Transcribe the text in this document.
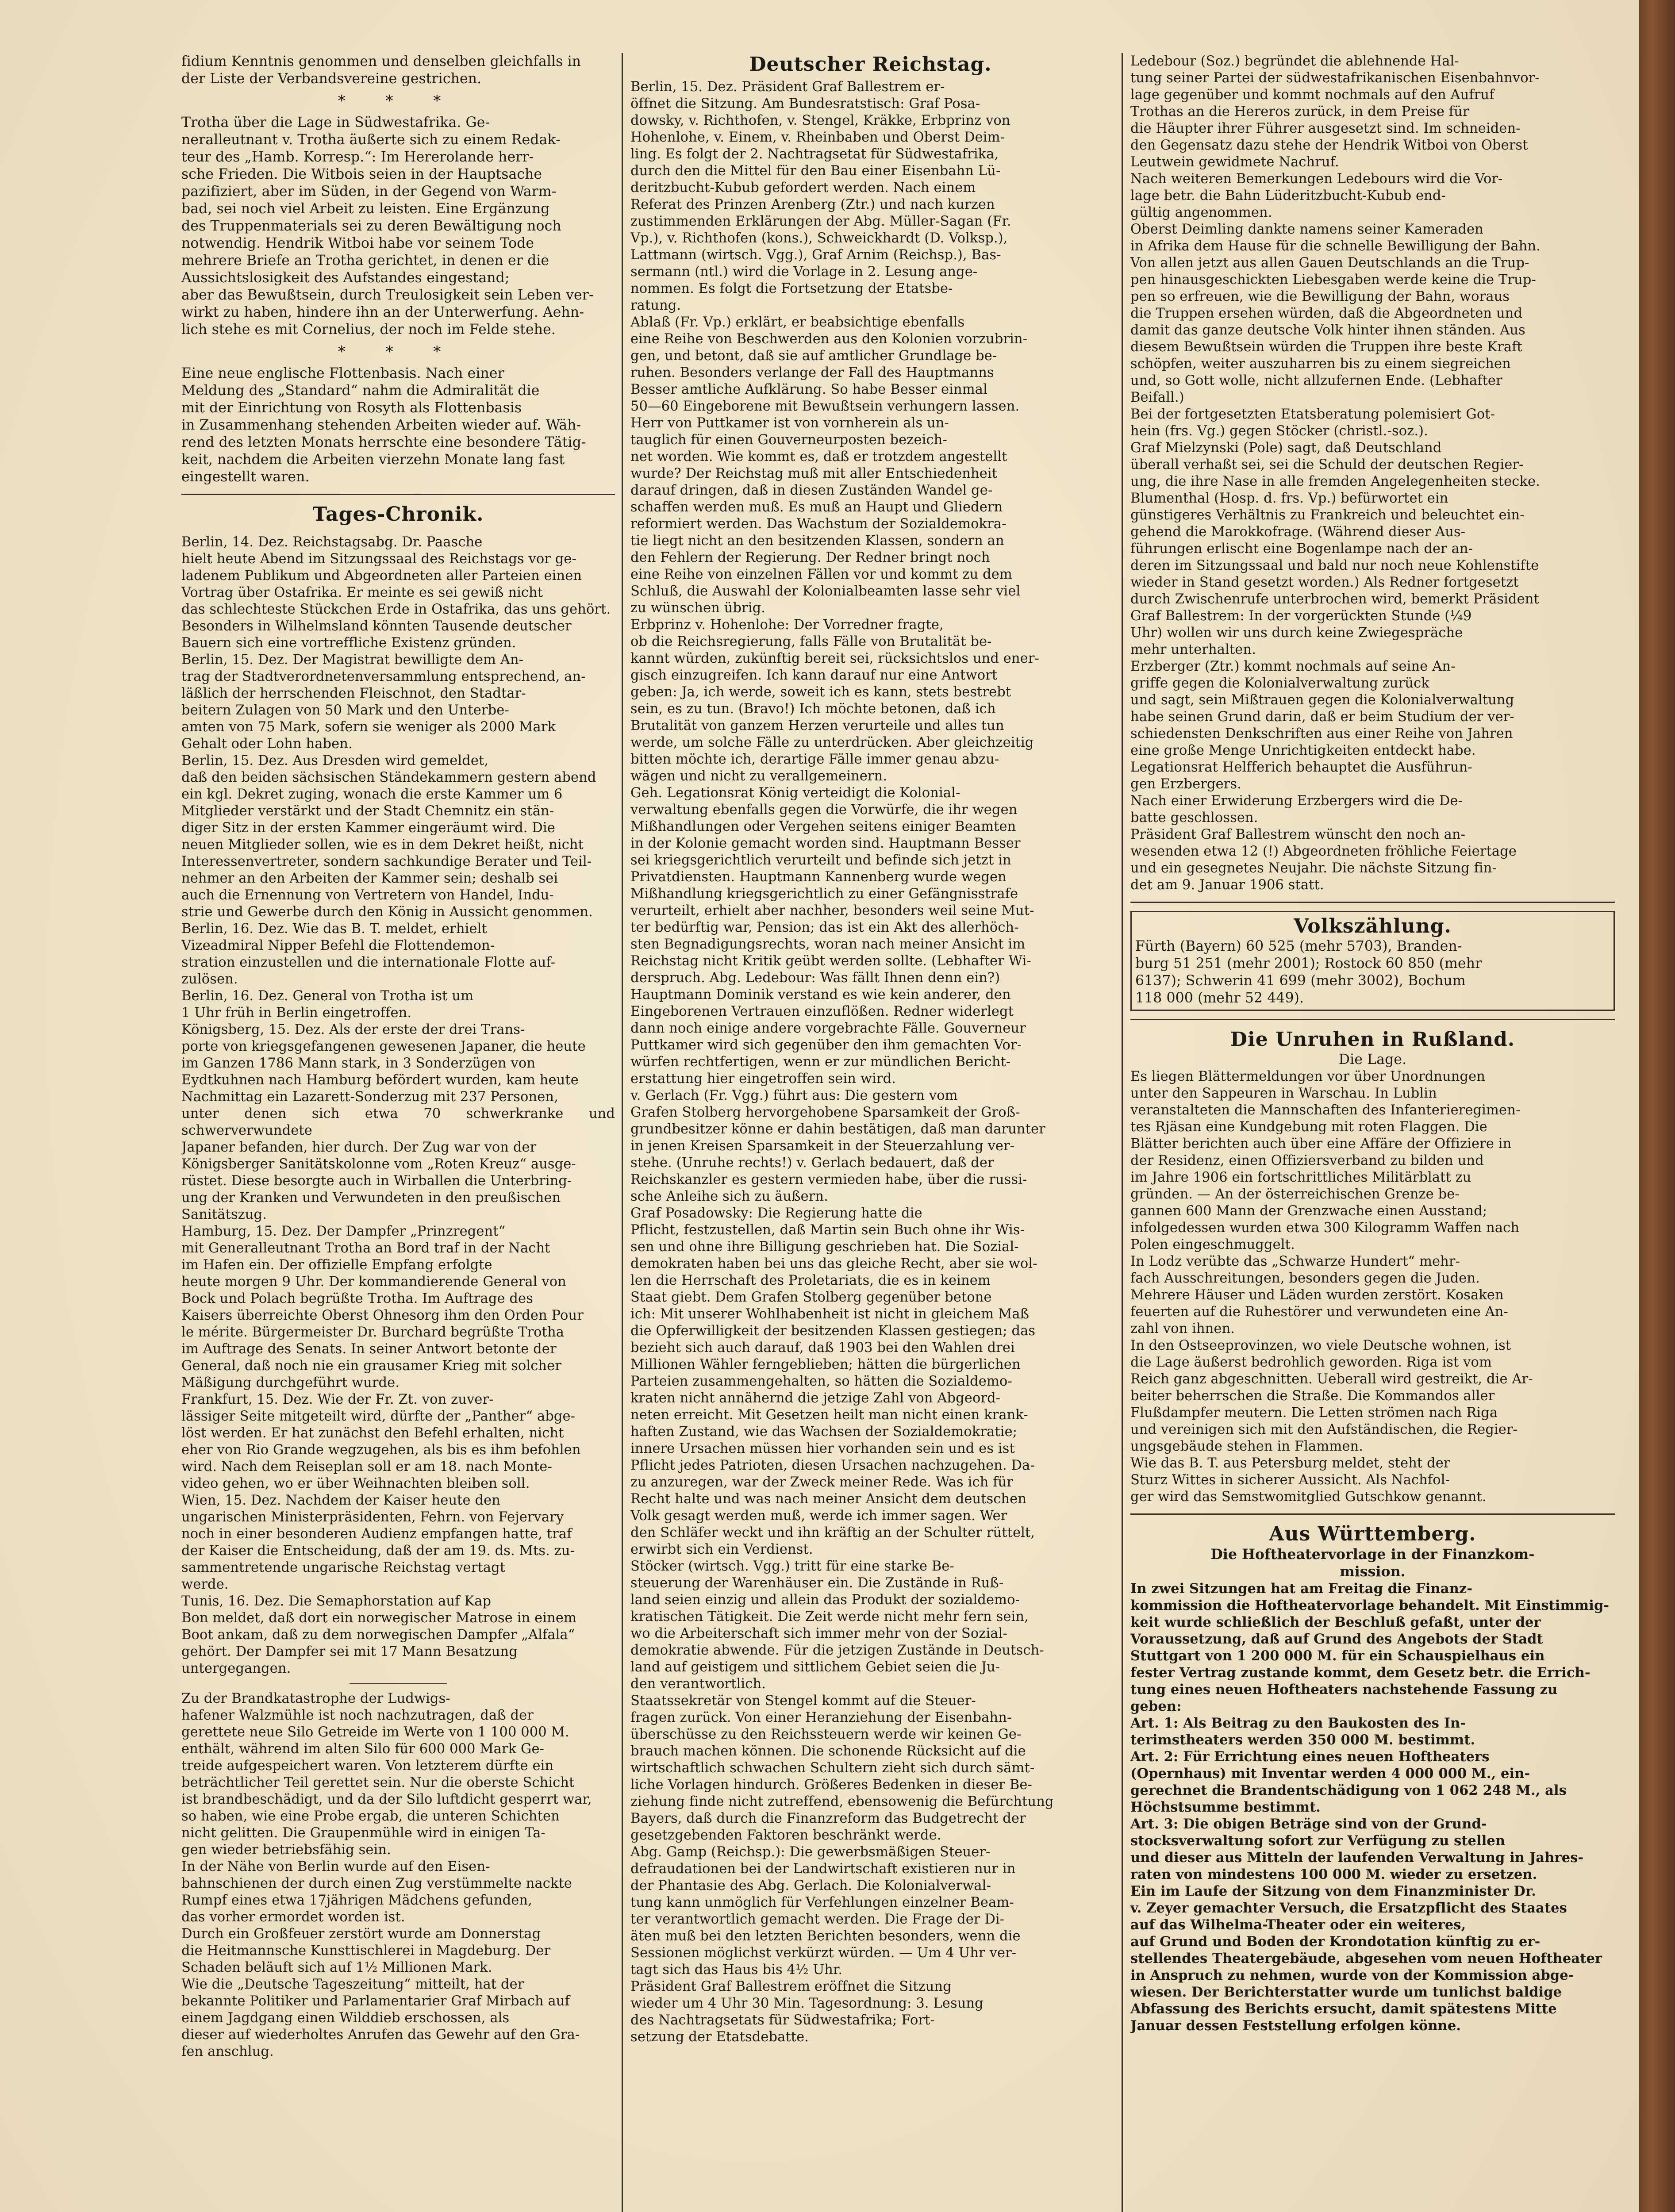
fidium Kenntnis genommen und denselben gleichfalls in
der Liste der Verbandsvereine gestrichen.

* * *

Trotha über die Lage in Südwestafrika. Ge-
neralleutnant v. Trotha äußerte sich zu einem Redak-
teur des „Hamb. Korresp.“: Im Hererolande herr-
sche Frieden. Die Witbois seien in der Hauptsache
pazifiziert, aber im Süden, in der Gegend von Warm-
bad, sei noch viel Arbeit zu leisten. Eine Ergänzung
des Truppenmaterials sei zu deren Bewältigung noch
notwendig. Hendrik Witboi habe vor seinem Tode
mehrere Briefe an Trotha gerichtet, in denen er die
Aussichtslosigkeit des Aufstandes eingestand;
aber das Bewußtsein, durch Treulosigkeit sein Leben ver-
wirkt zu haben, hindere ihn an der Unterwerfung. Aehn-
lich stehe es mit Cornelius, der noch im Felde stehe.

* * *

Eine neue englische Flottenbasis. Nach einer
Meldung des „Standard“ nahm die Admiralität die
mit der Einrichtung von Rosyth als Flottenbasis
in Zusammenhang stehenden Arbeiten wieder auf. Wäh-
rend des letzten Monats herrschte eine besondere Tätig-
keit, nachdem die Arbeiten vierzehn Monate lang fast
eingestellt waren.

Tages-Chronik.

Berlin, 14. Dez. Reichstagsabg. Dr. Paasche
hielt heute Abend im Sitzungssaal des Reichstags vor ge-
ladenem Publikum und Abgeordneten aller Parteien einen
Vortrag über Ostafrika. Er meinte es sei gewiß nicht
das schlechteste Stückchen Erde in Ostafrika, das uns gehört.
Besonders in Wilhelmsland könnten Tausende deutscher
Bauern sich eine vortreffliche Existenz gründen.
Berlin, 15. Dez. Der Magistrat bewilligte dem An-
trag der Stadtverordnetenversammlung entsprechend, an-
läßlich der herrschenden Fleischnot, den Stadtar-
beitern Zulagen von 50 Mark und den Unterbe-
amten von 75 Mark, sofern sie weniger als 2000 Mark
Gehalt oder Lohn haben.
Berlin, 15. Dez. Aus Dresden wird gemeldet,
daß den beiden sächsischen Ständekammern gestern abend
ein kgl. Dekret zuging, wonach die erste Kammer um 6
Mitglieder verstärkt und der Stadt Chemnitz ein stän-
diger Sitz in der ersten Kammer eingeräumt wird. Die
neuen Mitglieder sollen, wie es in dem Dekret heißt, nicht
Interessenvertreter, sondern sachkundige Berater und Teil-
nehmer an den Arbeiten der Kammer sein; deshalb sei
auch die Ernennung von Vertretern von Handel, Indu-
strie und Gewerbe durch den König in Aussicht genommen.
Berlin, 16. Dez. Wie das B. T. meldet, erhielt
Vizeadmiral Nipper Befehl die Flottendemon-
stration einzustellen und die internationale Flotte auf-
zulösen.
Berlin, 16. Dez. General von Trotha ist um
1 Uhr früh in Berlin eingetroffen.
Königsberg, 15. Dez. Als der erste der drei Trans-
porte von kriegsgefangenen gewesenen Japaner, die heute
im Ganzen 1786 Mann stark, in 3 Sonderzügen von
Eydtkuhnen nach Hamburg befördert wurden, kam heute
Nachmittag ein Lazarett-Sonderzug mit 237 Personen,
unter denen sich etwa 70 schwerkranke und schwerverwundete
Japaner befanden, hier durch. Der Zug war von der
Königsberger Sanitätskolonne vom „Roten Kreuz“ ausge-
rüstet. Diese besorgte auch in Wirballen die Unterbring-
ung der Kranken und Verwundeten in den preußischen
Sanitätszug.
Hamburg, 15. Dez. Der Dampfer „Prinzregent“
mit Generalleutnant Trotha an Bord traf in der Nacht
im Hafen ein. Der offizielle Empfang erfolgte
heute morgen 9 Uhr. Der kommandierende General von
Bock und Polach begrüßte Trotha. Im Auftrage des
Kaisers überreichte Oberst Ohnesorg ihm den Orden Pour
le mérite. Bürgermeister Dr. Burchard begrüßte Trotha
im Auftrage des Senats. In seiner Antwort betonte der
General, daß noch nie ein grausamer Krieg mit solcher
Mäßigung durchgeführt wurde.
Frankfurt, 15. Dez. Wie der Fr. Zt. von zuver-
lässiger Seite mitgeteilt wird, dürfte der „Panther“ abge-
löst werden. Er hat zunächst den Befehl erhalten, nicht
eher von Rio Grande wegzugehen, als bis es ihm befohlen
wird. Nach dem Reiseplan soll er am 18. nach Monte-
video gehen, wo er über Weihnachten bleiben soll.
Wien, 15. Dez. Nachdem der Kaiser heute den
ungarischen Ministerpräsidenten, Fehrn. von Fejervary
noch in einer besonderen Audienz empfangen hatte, traf
der Kaiser die Entscheidung, daß der am 19. ds. Mts. zu-
sammentretende ungarische Reichstag vertagt
werde.
Tunis, 16. Dez. Die Semaphorstation auf Kap
Bon meldet, daß dort ein norwegischer Matrose in einem
Boot ankam, daß zu dem norwegischen Dampfer „Alfala“
gehört. Der Dampfer sei mit 17 Mann Besatzung
untergegangen.

Zu der Brandkatastrophe der Ludwigs-
hafener Walzmühle ist noch nachzutragen, daß der
gerettete neue Silo Getreide im Werte von 1 100 000 M.
enthält, während im alten Silo für 600 000 Mark Ge-
treide aufgespeichert waren. Von letzterem dürfte ein
beträchtlicher Teil gerettet sein. Nur die oberste Schicht
ist brandbeschädigt, und da der Silo luftdicht gesperrt war,
so haben, wie eine Probe ergab, die unteren Schichten
nicht gelitten. Die Graupenmühle wird in einigen Ta-
gen wieder betriebsfähig sein.
In der Nähe von Berlin wurde auf den Eisen-
bahnschienen der durch einen Zug verstümmelte nackte
Rumpf eines etwa 17jährigen Mädchens gefunden,
das vorher ermordet worden ist.
Durch ein Großfeuer zerstört wurde am Donnerstag
die Heitmannsche Kunsttischlerei in Magdeburg. Der
Schaden beläuft sich auf 1½ Millionen Mark.
Wie die „Deutsche Tageszeitung“ mitteilt, hat der
bekannte Politiker und Parlamentarier Graf Mirbach auf
einem Jagdgang einen Wilddieb erschossen, als
dieser auf wiederholtes Anrufen das Gewehr auf den Gra-
fen anschlug.

Deutscher Reichstag.

Berlin, 15. Dez. Präsident Graf Ballestrem er-
öffnet die Sitzung. Am Bundesratstisch: Graf Posa-
dowsky, v. Richthofen, v. Stengel, Kräkke, Erbprinz von
Hohenlohe, v. Einem, v. Rheinbaben und Oberst Deim-
ling. Es folgt der 2. Nachtragsetat für Südwestafrika,
durch den die Mittel für den Bau einer Eisenbahn Lü-
deritzbucht-Kubub gefordert werden. Nach einem
Referat des Prinzen Arenberg (Ztr.) und nach kurzen
zustimmenden Erklärungen der Abg. Müller-Sagan (Fr.
Vp.), v. Richthofen (kons.), Schweickhardt (D. Volksp.),
Lattmann (wirtsch. Vgg.), Graf Arnim (Reichsp.), Bas-
sermann (ntl.) wird die Vorlage in 2. Lesung ange-
nommen. Es folgt die Fortsetzung der Etatsbe-
ratung.
Ablaß (Fr. Vp.) erklärt, er beabsichtige ebenfalls
eine Reihe von Beschwerden aus den Kolonien vorzubrin-
gen, und betont, daß sie auf amtlicher Grundlage be-
ruhen. Besonders verlange der Fall des Hauptmanns
Besser amtliche Aufklärung. So habe Besser einmal
50—60 Eingeborene mit Bewußtsein verhungern lassen.
Herr von Puttkamer ist von vornherein als un-
tauglich für einen Gouverneurposten bezeich-
net worden. Wie kommt es, daß er trotzdem angestellt
wurde? Der Reichstag muß mit aller Entschiedenheit
darauf dringen, daß in diesen Zuständen Wandel ge-
schaffen werden muß. Es muß an Haupt und Gliedern
reformiert werden. Das Wachstum der Sozialdemokra-
tie liegt nicht an den besitzenden Klassen, sondern an
den Fehlern der Regierung. Der Redner bringt noch
eine Reihe von einzelnen Fällen vor und kommt zu dem
Schluß, die Auswahl der Kolonialbeamten lasse sehr viel
zu wünschen übrig.
Erbprinz v. Hohenlohe: Der Vorredner fragte,
ob die Reichsregierung, falls Fälle von Brutalität be-
kannt würden, zukünftig bereit sei, rücksichtslos und ener-
gisch einzugreifen. Ich kann darauf nur eine Antwort
geben: Ja, ich werde, soweit ich es kann, stets bestrebt
sein, es zu tun. (Bravo!) Ich möchte betonen, daß ich
Brutalität von ganzem Herzen verurteile und alles tun
werde, um solche Fälle zu unterdrücken. Aber gleichzeitig
bitten möchte ich, derartige Fälle immer genau abzu-
wägen und nicht zu verallgemeinern.
Geh. Legationsrat König verteidigt die Kolonial-
verwaltung ebenfalls gegen die Vorwürfe, die ihr wegen
Mißhandlungen oder Vergehen seitens einiger Beamten
in der Kolonie gemacht worden sind. Hauptmann Besser
sei kriegsgerichtlich verurteilt und befinde sich jetzt in
Privatdiensten. Hauptmann Kannenberg wurde wegen
Mißhandlung kriegsgerichtlich zu einer Gefängnisstrafe
verurteilt, erhielt aber nachher, besonders weil seine Mut-
ter bedürftig war, Pension; das ist ein Akt des allerhöch-
sten Begnadigungsrechts, woran nach meiner Ansicht im
Reichstag nicht Kritik geübt werden sollte. (Lebhafter Wi-
derspruch. Abg. Ledebour: Was fällt Ihnen denn ein?)
Hauptmann Dominik verstand es wie kein anderer, den
Eingeborenen Vertrauen einzuflößen. Redner widerlegt
dann noch einige andere vorgebrachte Fälle. Gouverneur
Puttkamer wird sich gegenüber den ihm gemachten Vor-
würfen rechtfertigen, wenn er zur mündlichen Bericht-
erstattung hier eingetroffen sein wird.
v. Gerlach (Fr. Vgg.) führt aus: Die gestern vom
Grafen Stolberg hervorgehobene Sparsamkeit der Groß-
grundbesitzer könne er dahin bestätigen, daß man darunter
in jenen Kreisen Sparsamkeit in der Steuerzahlung ver-
stehe. (Unruhe rechts!) v. Gerlach bedauert, daß der
Reichskanzler es gestern vermieden habe, über die russi-
sche Anleihe sich zu äußern.
Graf Posadowsky: Die Regierung hatte die
Pflicht, festzustellen, daß Martin sein Buch ohne ihr Wis-
sen und ohne ihre Billigung geschrieben hat. Die Sozial-
demokraten haben bei uns das gleiche Recht, aber sie wol-
len die Herrschaft des Proletariats, die es in keinem
Staat giebt. Dem Grafen Stolberg gegenüber betone
ich: Mit unserer Wohlhabenheit ist nicht in gleichem Maß
die Opferwilligkeit der besitzenden Klassen gestiegen; das
bezieht sich auch darauf, daß 1903 bei den Wahlen drei
Millionen Wähler ferngeblieben; hätten die bürgerlichen
Parteien zusammengehalten, so hätten die Sozialdemo-
kraten nicht annähernd die jetzige Zahl von Abgeord-
neten erreicht. Mit Gesetzen heilt man nicht einen krank-
haften Zustand, wie das Wachsen der Sozialdemokratie;
innere Ursachen müssen hier vorhanden sein und es ist
Pflicht jedes Patrioten, diesen Ursachen nachzugehen. Da-
zu anzuregen, war der Zweck meiner Rede. Was ich für
Recht halte und was nach meiner Ansicht dem deutschen
Volk gesagt werden muß, werde ich immer sagen. Wer
den Schläfer weckt und ihn kräftig an der Schulter rüttelt,
erwirbt sich ein Verdienst.
Stöcker (wirtsch. Vgg.) tritt für eine starke Be-
steuerung der Warenhäuser ein. Die Zustände in Ruß-
land seien einzig und allein das Produkt der sozialdemo-
kratischen Tätigkeit. Die Zeit werde nicht mehr fern sein,
wo die Arbeiterschaft sich immer mehr von der Sozial-
demokratie abwende. Für die jetzigen Zustände in Deutsch-
land auf geistigem und sittlichem Gebiet seien die Ju-
den verantwortlich.
Staatssekretär von Stengel kommt auf die Steuer-
fragen zurück. Von einer Heranziehung der Eisenbahn-
überschüsse zu den Reichssteuern werde wir keinen Ge-
brauch machen können. Die schonende Rücksicht auf die
wirtschaftlich schwachen Schultern zieht sich durch sämt-
liche Vorlagen hindurch. Größeres Bedenken in dieser Be-
ziehung finde nicht zutreffend, ebensowenig die Befürchtung
Bayers, daß durch die Finanzreform das Budgetrecht der
gesetzgebenden Faktoren beschränkt werde.
Abg. Gamp (Reichsp.): Die gewerbsmäßigen Steuer-
defraudationen bei der Landwirtschaft existieren nur in
der Phantasie des Abg. Gerlach. Die Kolonialverwal-
tung kann unmöglich für Verfehlungen einzelner Beam-
ter verantwortlich gemacht werden. Die Frage der Di-
äten muß bei den letzten Berichten besonders, wenn die
Sessionen möglichst verkürzt würden. — Um 4 Uhr ver-
tagt sich das Haus bis 4½ Uhr.
Präsident Graf Ballestrem eröffnet die Sitzung
wieder um 4 Uhr 30 Min. Tagesordnung: 3. Lesung
des Nachtragsetats für Südwestafrika; Fort-
setzung der Etatsdebatte.

Ledebour (Soz.) begründet die ablehnende Hal-
tung seiner Partei der südwestafrikanischen Eisenbahnvor-
lage gegenüber und kommt nochmals auf den Aufruf
Trothas an die Hereros zurück, in dem Preise für
die Häupter ihrer Führer ausgesetzt sind. Im schneiden-
den Gegensatz dazu stehe der Hendrik Witboi von Oberst
Leutwein gewidmete Nachruf.
Nach weiteren Bemerkungen Ledebours wird die Vor-
lage betr. die Bahn Lüderitzbucht-Kubub end-
gültig angenommen.
Oberst Deimling dankte namens seiner Kameraden
in Afrika dem Hause für die schnelle Bewilligung der Bahn.
Von allen jetzt aus allen Gauen Deutschlands an die Trup-
pen hinausgeschickten Liebesgaben werde keine die Trup-
pen so erfreuen, wie die Bewilligung der Bahn, woraus
die Truppen ersehen würden, daß die Abgeordneten und
damit das ganze deutsche Volk hinter ihnen ständen. Aus
diesem Bewußtsein würden die Truppen ihre beste Kraft
schöpfen, weiter auszuharren bis zu einem siegreichen
und, so Gott wolle, nicht allzufernen Ende. (Lebhafter
Beifall.)
Bei der fortgesetzten Etatsberatung polemisiert Got-
hein (frs. Vg.) gegen Stöcker (christl.-soz.).
Graf Mielzynski (Pole) sagt, daß Deutschland
überall verhaßt sei, sei die Schuld der deutschen Regier-
ung, die ihre Nase in alle fremden Angelegenheiten stecke.
Blumenthal (Hosp. d. frs. Vp.) befürwortet ein
günstigeres Verhältnis zu Frankreich und beleuchtet ein-
gehend die Marokkofrage. (Während dieser Aus-
führungen erlischt eine Bogenlampe nach der an-
deren im Sitzungssaal und bald nur noch neue Kohlenstifte
wieder in Stand gesetzt worden.) Als Redner fortgesetzt
durch Zwischenrufe unterbrochen wird, bemerkt Präsident
Graf Ballestrem: In der vorgerückten Stunde (¼9
Uhr) wollen wir uns durch keine Zwiegespräche
mehr unterhalten.
Erzberger (Ztr.) kommt nochmals auf seine An-
griffe gegen die Kolonialverwaltung zurück
und sagt, sein Mißtrauen gegen die Kolonialverwaltung
habe seinen Grund darin, daß er beim Studium der ver-
schiedensten Denkschriften aus einer Reihe von Jahren
eine große Menge Unrichtigkeiten entdeckt habe.
Legationsrat Helfferich behauptet die Ausführun-
gen Erzbergers.
Nach einer Erwiderung Erzbergers wird die De-
batte geschlossen.
Präsident Graf Ballestrem wünscht den noch an-
wesenden etwa 12 (!) Abgeordneten fröhliche Feiertage
und ein gesegnetes Neujahr. Die nächste Sitzung fin-
det am 9. Januar 1906 statt.

Volkszählung.

Fürth (Bayern) 60 525 (mehr 5703), Branden-
burg 51 251 (mehr 2001); Rostock 60 850 (mehr
6137); Schwerin 41 699 (mehr 3002), Bochum
118 000 (mehr 52 449).

Die Unruhen in Rußland.

Die Lage.

Es liegen Blättermeldungen vor über Unordnungen
unter den Sappeuren in Warschau. In Lublin
veranstalteten die Mannschaften des Infanterieregimen-
tes Rjäsan eine Kundgebung mit roten Flaggen. Die
Blätter berichten auch über eine Affäre der Offiziere in
der Residenz, einen Offiziersverband zu bilden und
im Jahre 1906 ein fortschrittliches Militärblatt zu
gründen. — An der österreichischen Grenze be-
gannen 600 Mann der Grenzwache einen Ausstand;
infolgedessen wurden etwa 300 Kilogramm Waffen nach
Polen eingeschmuggelt.
In Lodz verübte das „Schwarze Hundert“ mehr-
fach Ausschreitungen, besonders gegen die Juden.
Mehrere Häuser und Läden wurden zerstört. Kosaken
feuerten auf die Ruhestörer und verwundeten eine An-
zahl von ihnen.
In den Ostseeprovinzen, wo viele Deutsche wohnen, ist
die Lage äußerst bedrohlich geworden. Riga ist vom
Reich ganz abgeschnitten. Ueberall wird gestreikt, die Ar-
beiter beherrschen die Straße. Die Kommandos aller
Flußdampfer meutern. Die Letten strömen nach Riga
und vereinigen sich mit den Aufständischen, die Regier-
ungsgebäude stehen in Flammen.
Wie das B. T. aus Petersburg meldet, steht der
Sturz Wittes in sicherer Aussicht. Als Nachfol-
ger wird das Semstwomitglied Gutschkow genannt.

Aus Württemberg.

Die Hoftheatervorlage in der Finanzkom-
mission.

In zwei Sitzungen hat am Freitag die Finanz-
kommission die Hoftheatervorlage behandelt. Mit Einstimmig-
keit wurde schließlich der Beschluß gefaßt, unter der
Voraussetzung, daß auf Grund des Angebots der Stadt
Stuttgart von 1 200 000 M. für ein Schauspielhaus ein
fester Vertrag zustande kommt, dem Gesetz betr. die Errich-
tung eines neuen Hoftheaters nachstehende Fassung zu
geben:
Art. 1: Als Beitrag zu den Baukosten des In-
terimstheaters werden 350 000 M. bestimmt.
Art. 2: Für Errichtung eines neuen Hoftheaters
(Opernhaus) mit Inventar werden 4 000 000 M., ein-
gerechnet die Brandentschädigung von 1 062 248 M., als
Höchstsumme bestimmt.
Art. 3: Die obigen Beträge sind von der Grund-
stocksverwaltung sofort zur Verfügung zu stellen
und dieser aus Mitteln der laufenden Verwaltung in Jahres-
raten von mindestens 100 000 M. wieder zu ersetzen.
Ein im Laufe der Sitzung von dem Finanzminister Dr.
v. Zeyer gemachter Versuch, die Ersatzpflicht des Staates
auf das Wilhelma-Theater oder ein weiteres,
auf Grund und Boden der Krondotation künftig zu er-
stellendes Theatergebäude, abgesehen vom neuen Hoftheater
in Anspruch zu nehmen, wurde von der Kommission abge-
wiesen. Der Berichterstatter wurde um tunlichst baldige
Abfassung des Berichts ersucht, damit spätestens Mitte
Januar dessen Feststellung erfolgen könne.
